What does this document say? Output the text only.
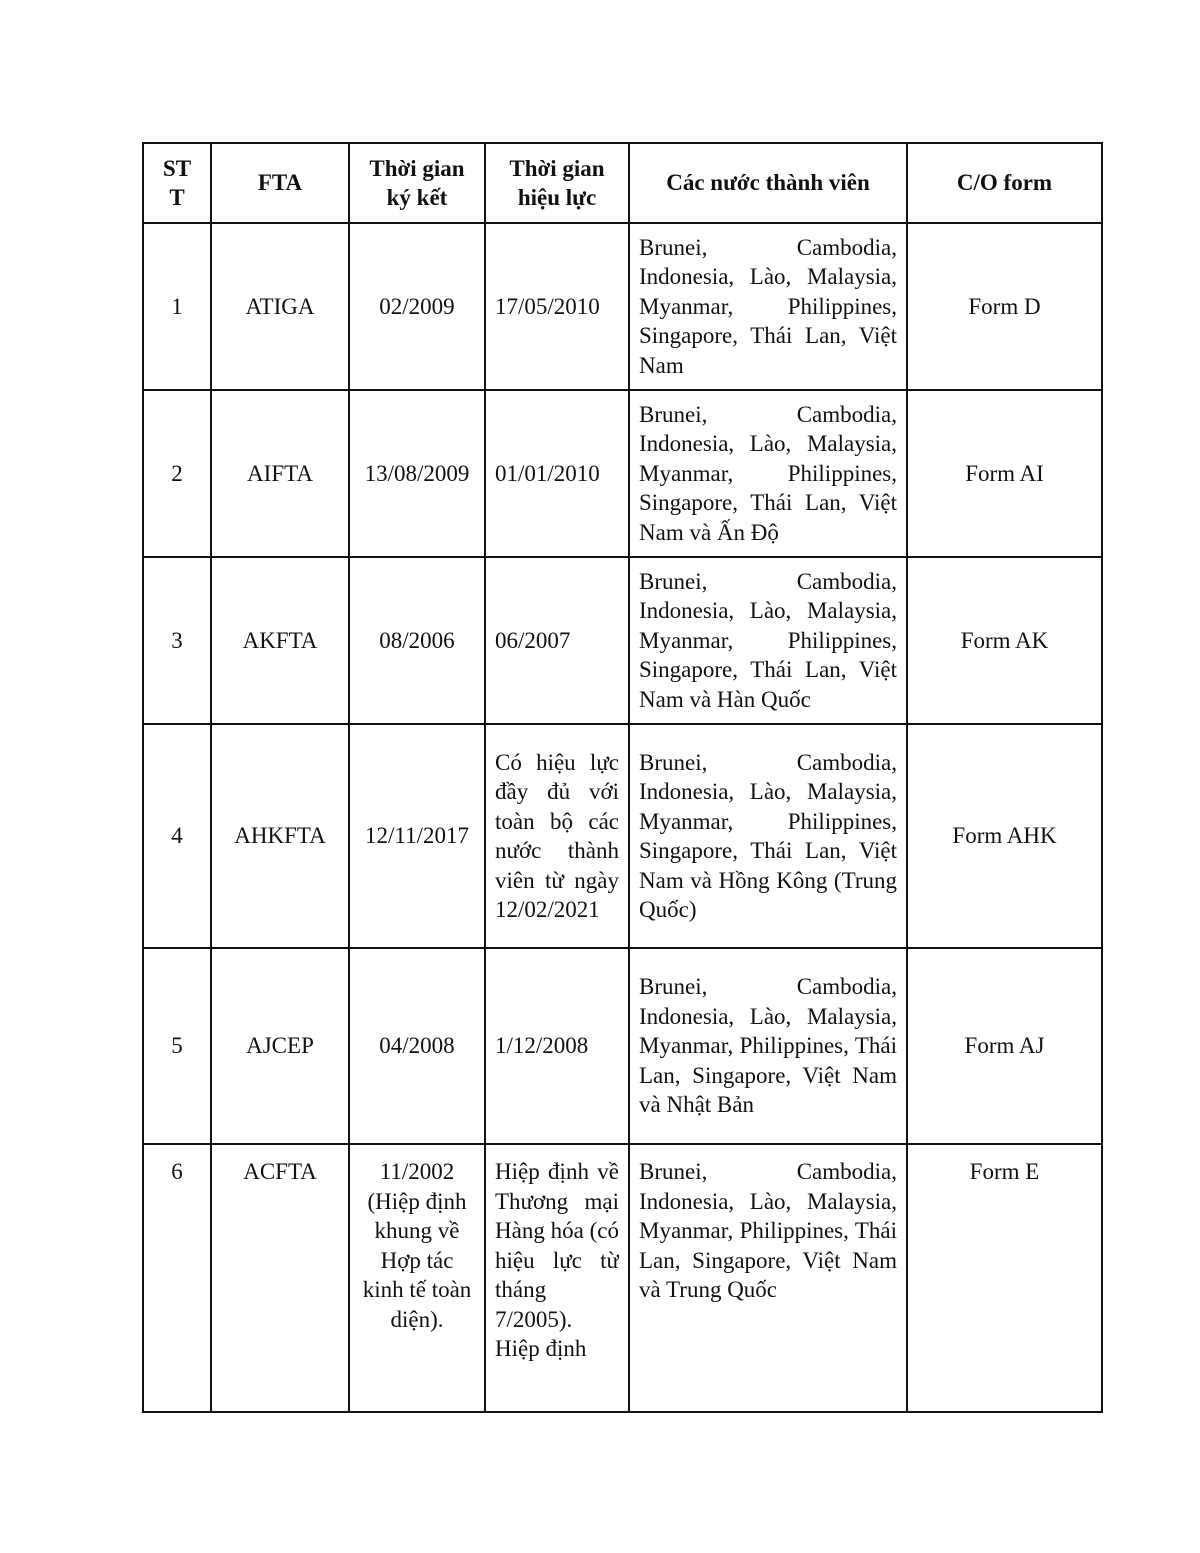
ST T	FTA	Thời gian ký kết	Thời gian hiệu lực	Các nước thành viên	C/O form
1	ATIGA	02/2009	17/05/2010	Brunei, Cambodia, Indonesia, Lào, Malaysia, Myanmar, Philippines, Singapore, Thái Lan, Việt Nam	Form D
2	AIFTA	13/08/2009	01/01/2010	Brunei, Cambodia, Indonesia, Lào, Malaysia, Myanmar, Philippines, Singapore, Thái Lan, Việt Nam và Ấn Độ	Form AI
3	AKFTA	08/2006	06/2007	Brunei, Cambodia, Indonesia, Lào, Malaysia, Myanmar, Philippines, Singapore, Thái Lan, Việt Nam và Hàn Quốc	Form AK
4	AHKFTA	12/11/2017	Có hiệu lực đầy đủ với toàn bộ các nước thành viên từ ngày 12/02/2021	Brunei, Cambodia, Indonesia, Lào, Malaysia, Myanmar, Philippines, Singapore, Thái Lan, Việt Nam và Hồng Kông (Trung Quốc)	Form AHK
5	AJCEP	04/2008	1/12/2008	Brunei, Cambodia, Indonesia, Lào, Malaysia, Myanmar, Philippines, Thái Lan, Singapore, Việt Nam và Nhật Bản	Form AJ
6	ACFTA	11/2002 (Hiệp định khung về Hợp tác kinh tế toàn diện).	Hiệp định về Thương mại Hàng hóa (có hiệu lực từ tháng 7/2005). Hiệp định	Brunei, Cambodia, Indonesia, Lào, Malaysia, Myanmar, Philippines, Thái Lan, Singapore, Việt Nam và Trung Quốc	Form E
